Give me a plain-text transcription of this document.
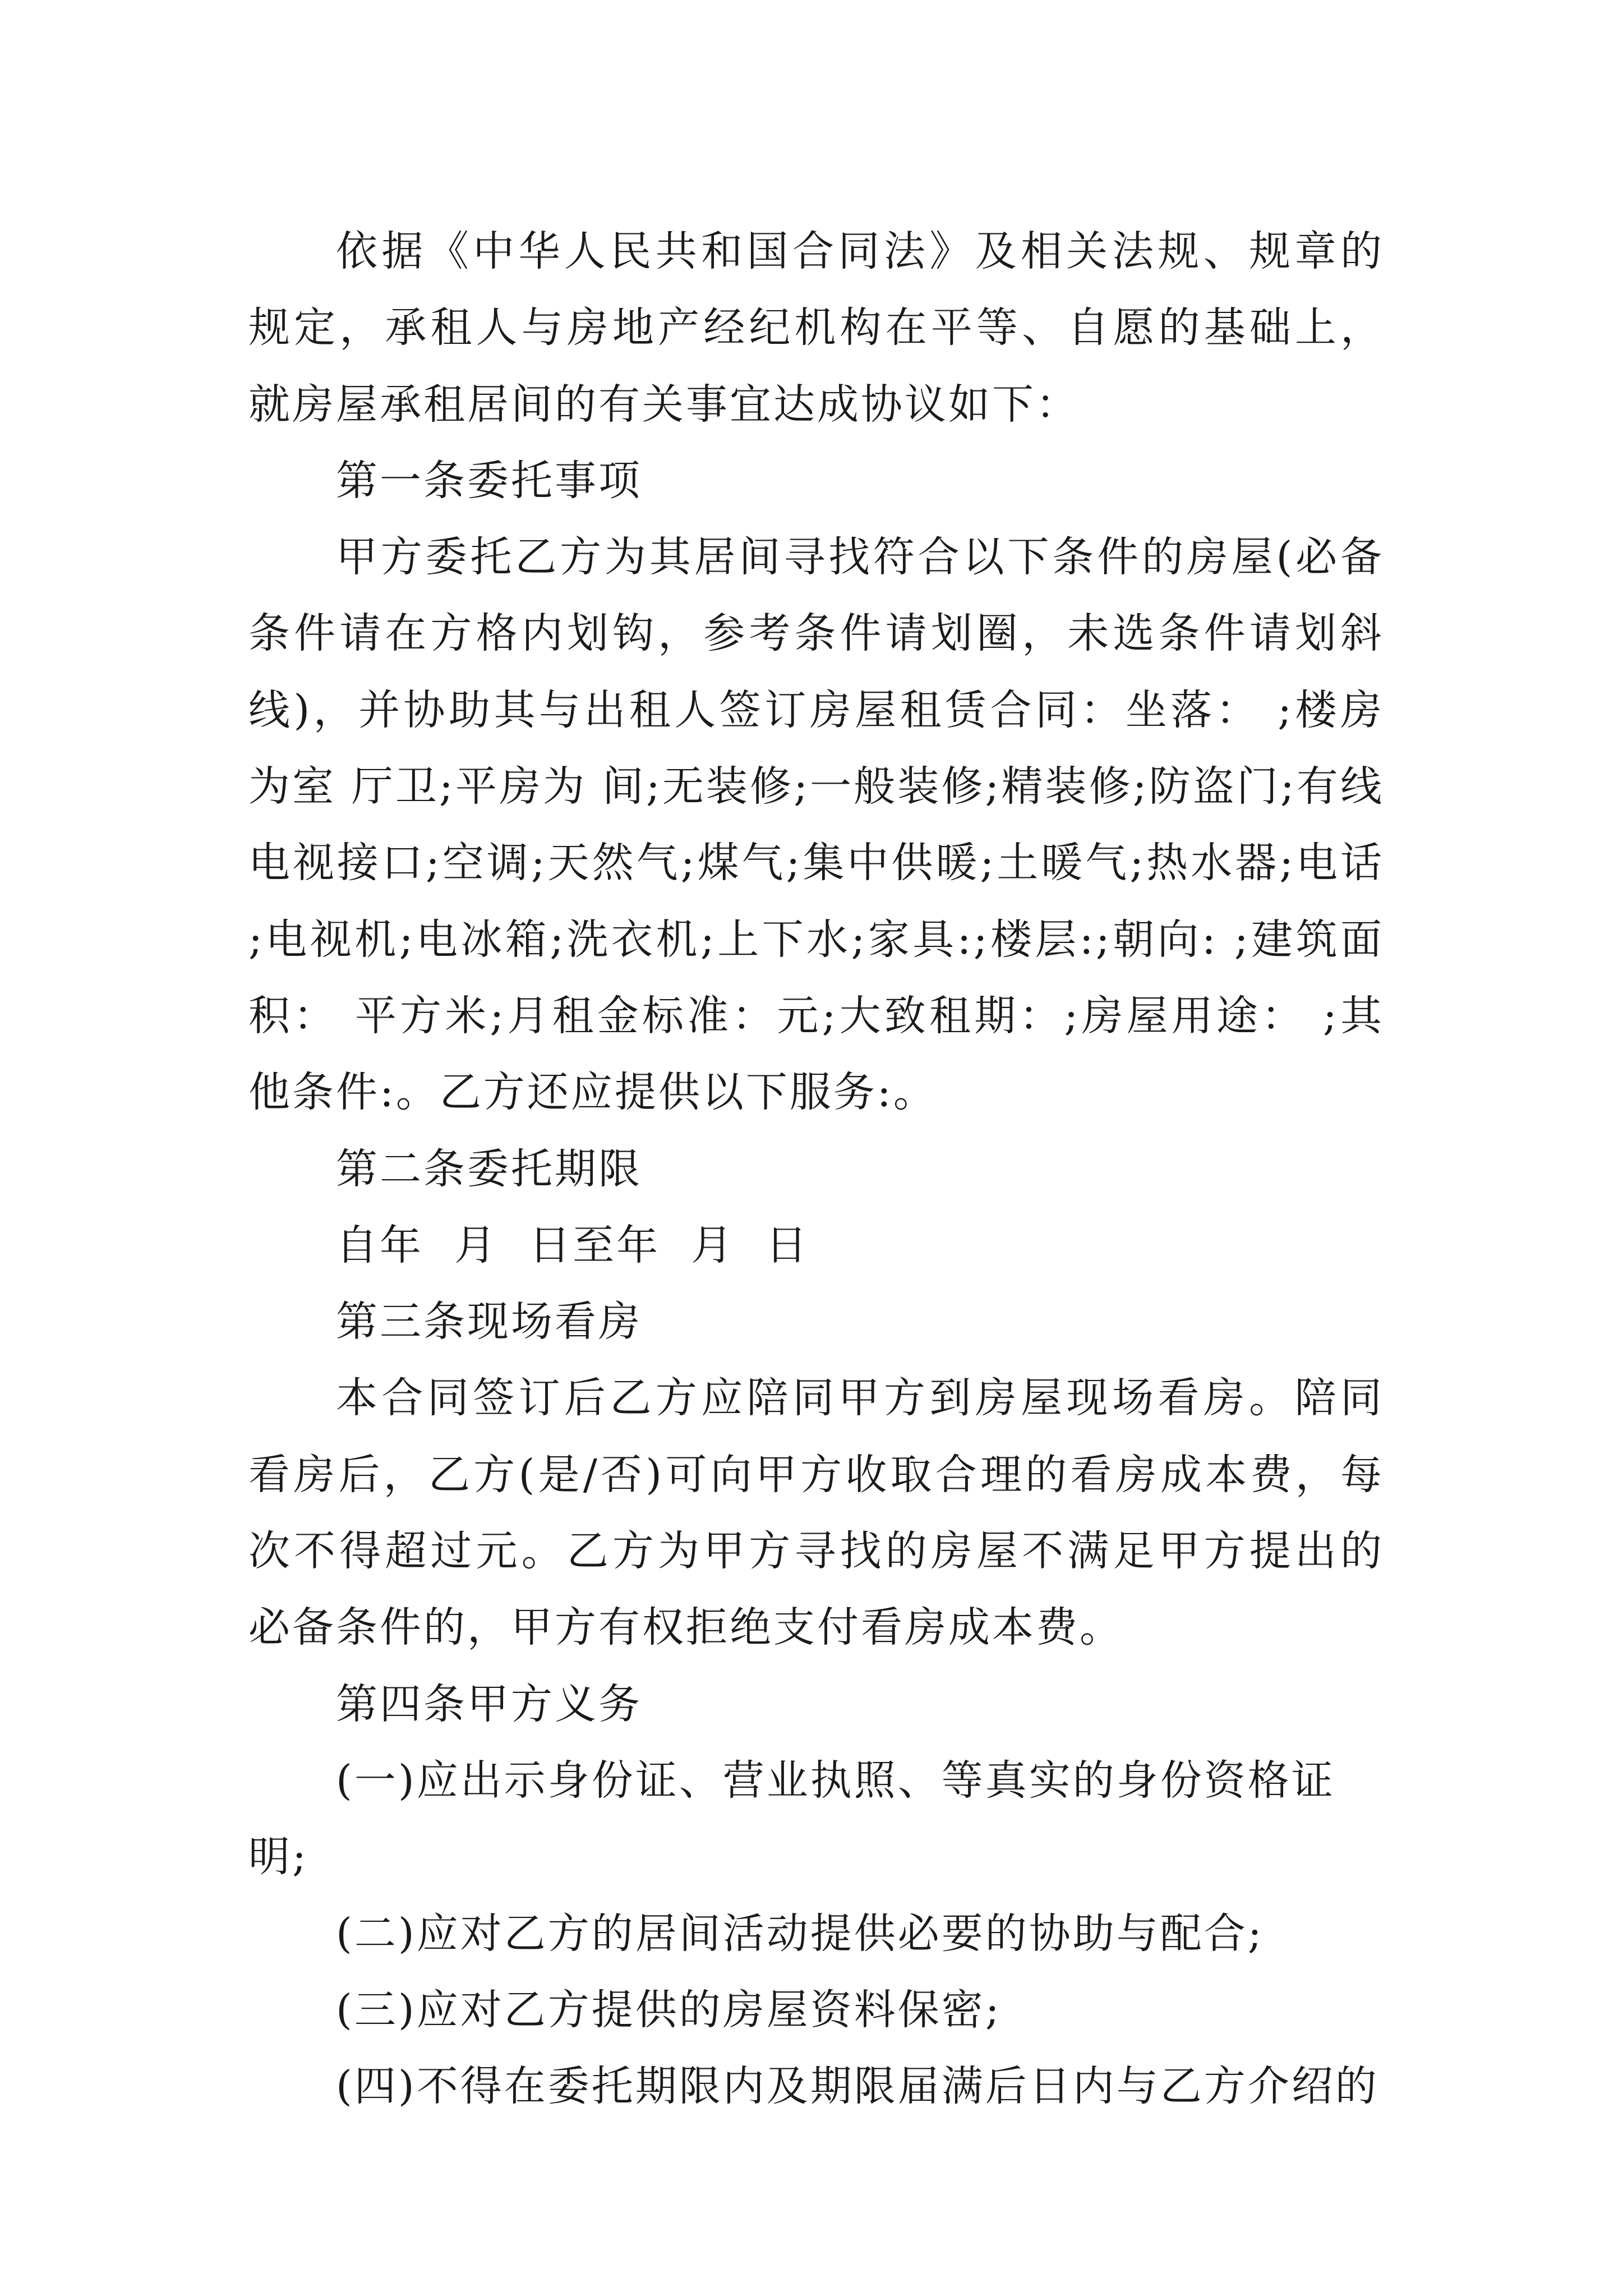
依据《中华人民共和国合同法》及相关法规、规章的规定，承租人与房地产经纪机构在平等、自愿的基础上，就房屋承租居间的有关事宜达成协议如下：

第一条委托事项

甲方委托乙方为其居间寻找符合以下条件的房屋(必备条件请在方格内划钩，参考条件请划圈，未选条件请划斜线)，并协助其与出租人签订房屋租赁合同：坐落： ;楼房为室 厅卫;平房为 间;无装修;一般装修;精装修;防盗门;有线电视接口;空调;天然气;煤气;集中供暖;土暖气;热水器;电话;电视机;电冰箱;洗衣机;上下水;家具:;楼层:;朝向: ;建筑面积： 平方米;月租金标准：元;大致租期：;房屋用途： ;其他条件:。乙方还应提供以下服务:。

第二条委托期限

自年  月  日至年  月  日

第三条现场看房

本合同签订后乙方应陪同甲方到房屋现场看房。陪同看房后，乙方(是/否)可向甲方收取合理的看房成本费，每次不得超过元。乙方为甲方寻找的房屋不满足甲方提出的必备条件的，甲方有权拒绝支付看房成本费。

第四条甲方义务

(一)应出示身份证、营业执照、等真实的身份资格证明;

(二)应对乙方的居间活动提供必要的协助与配合;

(三)应对乙方提供的房屋资料保密;

(四)不得在委托期限内及期限届满后日内与乙方介绍的
